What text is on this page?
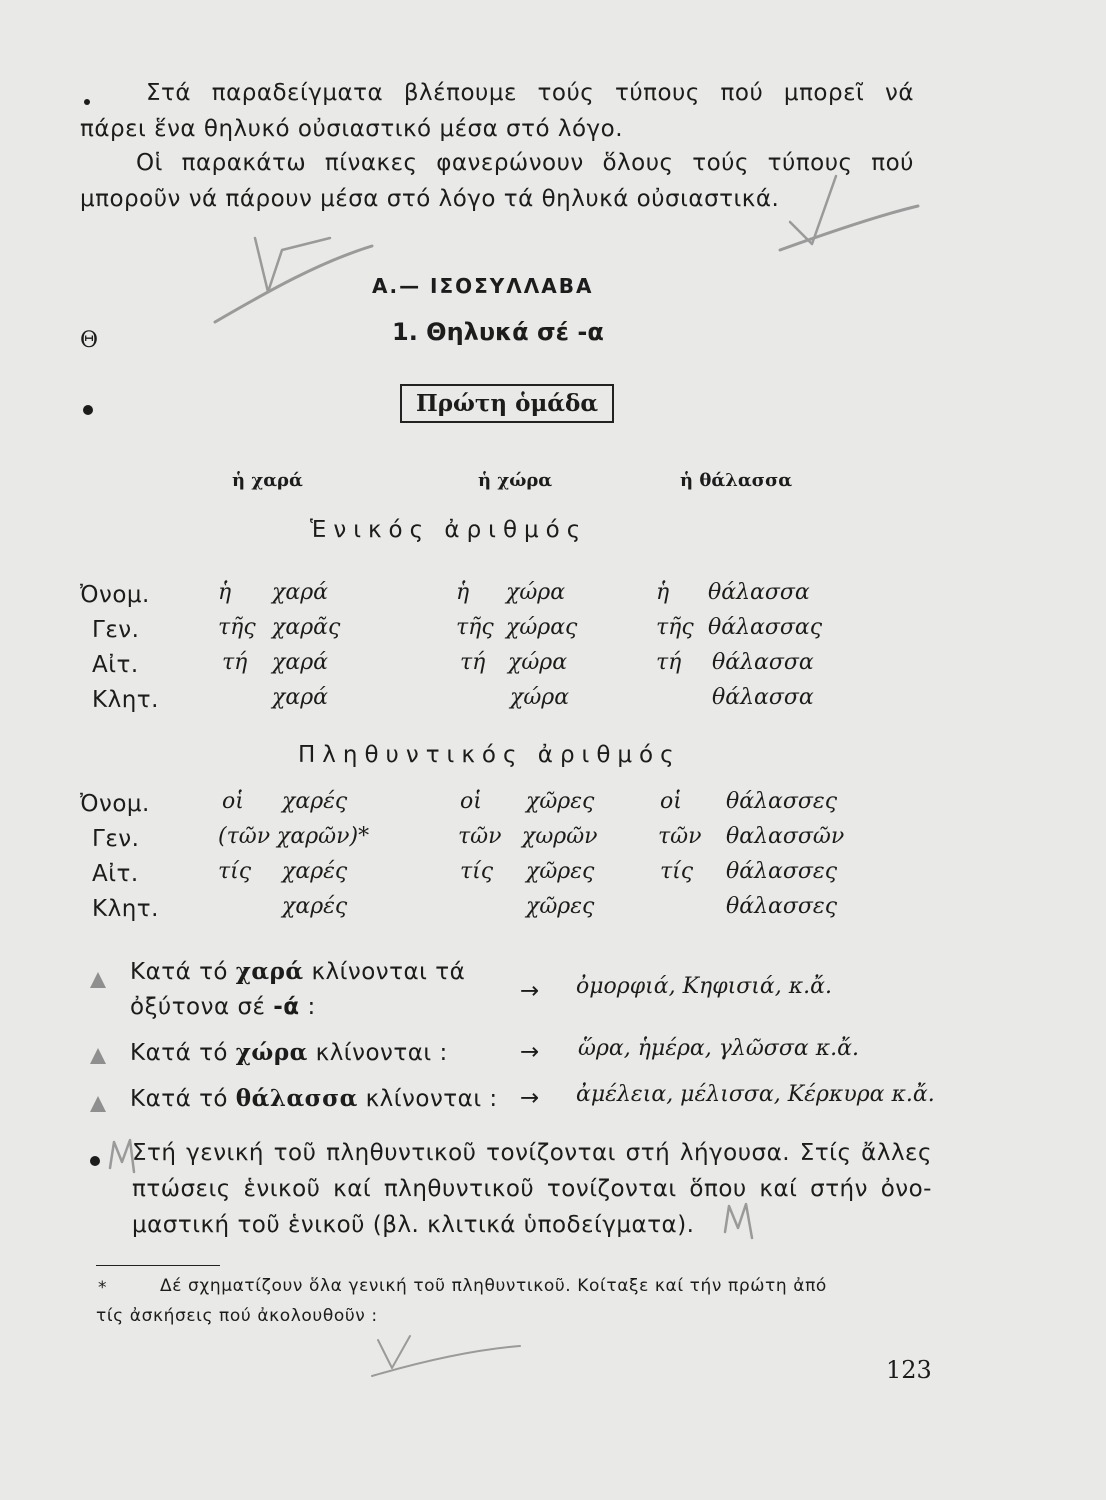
Στά παραδείγματα βλέπουμε τούς τύπους πού μπορεῖ νά
πάρει ἕνα θηλυκό οὐσιαστικό μέσα στό λόγο.
Οἱ παρακάτω πίνακες φανερώνουν ὅλους τούς τύπους πού
μποροῦν νά πάρουν μέσα στό λόγο τά θηλυκά οὐσιαστικά.
Α.— ΙΣΟΣΥΛΛΑΒΑ
Θ	1. Θηλυκά σέ -α
Πρώτη ὁμάδα
ἡ χαρά	ἡ χώρα	ἡ θάλασσα
Ἑνικός ἀριθμός
Ὀνομ.	ἡ χαρά	ἡ χώρα	ἡ θάλασσα
Γεν.	τῆς χαρᾶς	τῆς χώρας	τῆς θάλασσας
Αἰτ.	τή χαρά	τή χώρα	τή θάλασσα
Κλητ.	χαρά	χώρα	θάλασσα
Πληθυντικός ἀριθμός
Ὀνομ.	οἱ χαρές	οἱ χῶρες	οἱ θάλασσες
Γεν.	(τῶν χαρῶν)*	τῶν χωρῶν	τῶν θαλασσῶν
Αἰτ.	τίς χαρές	τίς χῶρες	τίς θάλασσες
Κλητ.	χαρές	χῶρες	θάλασσες
Κατά τό χαρά κλίνονται τά
ὀξύτονα σέ -ά :
→ ὀμορφιά, Κηφισιά, κ.ἄ.
Κατά τό χώρα κλίνονται :	→ ὥρα, ἡμέρα, γλῶσσα κ.ἄ.
Κατά τό θάλασσα κλίνονται : → ἀμέλεια, μέλισσα, Κέρκυρα κ.ἄ.
Στή γενική τοῦ πληθυντικοῦ τονίζονται στή λήγουσα. Στίς ἄλλες
πτώσεις ἑνικοῦ καί πληθυντικοῦ τονίζονται ὅπου καί στήν ὀνο-
μαστική τοῦ ἑνικοῦ (βλ. κλιτικά ὑποδείγματα).
*	Δέ σχηματίζουν ὅλα γενική τοῦ πληθυντικοῦ. Κοίταξε καί τήν πρώτη ἀπό
τίς ἀσκήσεις πού ἀκολουθοῦν :
123
